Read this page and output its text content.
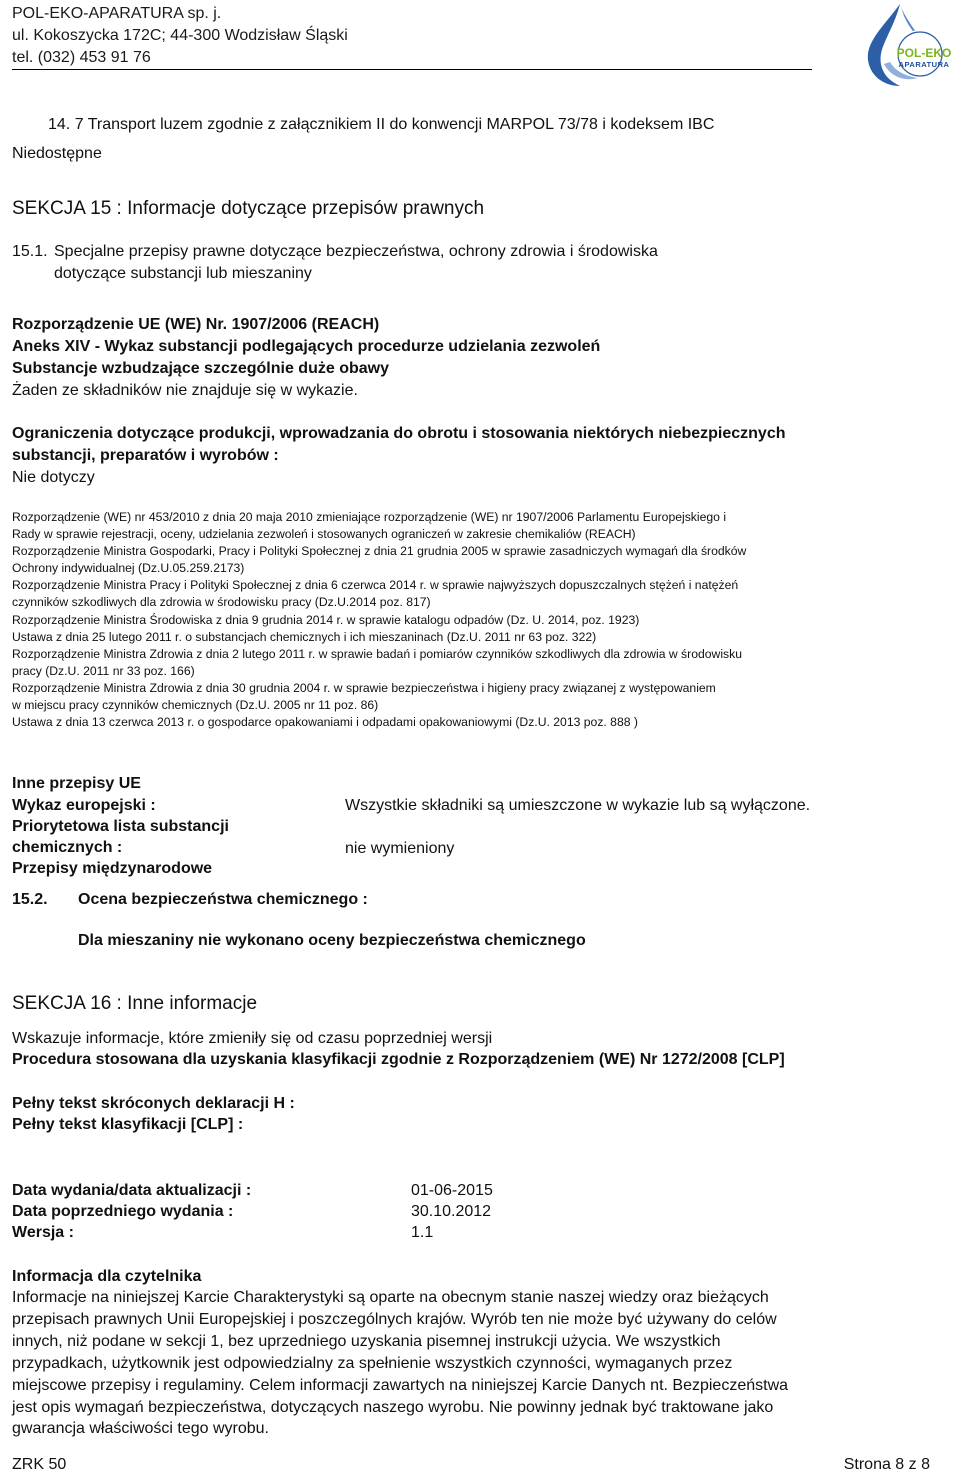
POL-EKO-APARATURA sp. j.
ul. Kokoszycka 172C; 44-300 Wodzisław Śląski
tel. (032) 453 91 76	POL-EKO
APARATURA
14. 7 Transport luzem zgodnie z załącznikiem II do konwencji MARPOL 73/78 i kodeksem IBC
Niedostępne
SEKCJA 15 : Informacje dotyczące przepisów prawnych
15.1. Specjalne przepisy prawne dotyczące bezpieczeństwa, ochrony zdrowia i środowiska
dotyczące substancji lub mieszaniny
Rozporządzenie UE (WE) Nr. 1907/2006 (REACH)
Aneks XIV - Wykaz substancji podlegających procedurze udzielania zezwoleń
Substancje wzbudzające szczególnie duże obawy
Żaden ze składników nie znajduje się w wykazie.
Ograniczenia dotyczące produkcji, wprowadzania do obrotu i stosowania niektórych niebezpiecznych
substancji, preparatów i wyrobów :
Nie dotyczy
Rozporządzenie (WE) nr 453/2010 z dnia 20 maja 2010 zmieniające rozporządzenie (WE) nr 1907/2006 Parlamentu Europejskiego i
Rady w sprawie rejestracji, oceny, udzielania zezwoleń i stosowanych ograniczeń w zakresie chemikaliów (REACH)
Rozporządzenie Ministra Gospodarki, Pracy i Polityki Społecznej z dnia 21 grudnia 2005 w sprawie zasadniczych wymagań dla środków
Ochrony indywidualnej (Dz.U.05.259.2173)
Rozporządzenie Ministra Pracy i Polityki Społecznej z dnia 6 czerwca 2014 r. w sprawie najwyższych dopuszczalnych stężeń i natężeń
czynników szkodliwych dla zdrowia w środowisku pracy (Dz.U.2014 poz. 817)
Rozporządzenie Ministra Środowiska z dnia 9 grudnia 2014 r. w sprawie katalogu odpadów (Dz. U. 2014, poz. 1923)
Ustawa z dnia 25 lutego 2011 r. o substancjach chemicznych i ich mieszaninach (Dz.U. 2011 nr 63 poz. 322)
Rozporządzenie Ministra Zdrowia z dnia 2 lutego 2011 r. w sprawie badań i pomiarów czynników szkodliwych dla zdrowia w środowisku
pracy (Dz.U. 2011 nr 33 poz. 166)
Rozporządzenie Ministra Zdrowia z dnia 30 grudnia 2004 r. w sprawie bezpieczeństwa i higieny pracy związanej z występowaniem
w miejscu pracy czynników chemicznych (Dz.U. 2005 nr 11 poz. 86)
Ustawa z dnia 13 czerwca 2013 r. o gospodarce opakowaniami i odpadami opakowaniowymi (Dz.U. 2013 poz. 888 )
Inne przepisy UE
Wykaz europejski :	Wszystkie składniki są umieszczone w wykazie lub są wyłączone.
Priorytetowa lista substancji
chemicznych :	nie wymieniony
Przepisy międzynarodowe
15.2. Ocena bezpieczeństwa chemicznego :
Dla mieszaniny nie wykonano oceny bezpieczeństwa chemicznego
SEKCJA 16 : Inne informacje
Wskazuje informacje, które zmieniły się od czasu poprzedniej wersji
Procedura stosowana dla uzyskania klasyfikacji zgodnie z Rozporządzeniem (WE) Nr 1272/2008 [CLP]
Pełny tekst skróconych deklaracji H :
Pełny tekst klasyfikacji [CLP] :
Data wydania/data aktualizacji :	01-06-2015
Data poprzedniego wydania :	30.10.2012
Wersja :	1.1
Informacja dla czytelnika
Informacje na niniejszej Karcie Charakterystyki są oparte na obecnym stanie naszej wiedzy oraz bieżących
przepisach prawnych Unii Europejskiej i poszczególnych krajów. Wyrób ten nie może być używany do celów
innych, niż podane w sekcji 1, bez uprzedniego uzyskania pisemnej instrukcji użycia. We wszystkich
przypadkach, użytkownik jest odpowiedzialny za spełnienie wszystkich czynności, wymaganych przez
miejscowe przepisy i regulaminy. Celem informacji zawartych na niniejszej Karcie Danych nt. Bezpieczeństwa
jest opis wymagań bezpieczeństwa, dotyczących naszego wyrobu. Nie powinny jednak być traktowane jako
gwarancja właściwości tego wyrobu.
ZRK 50	Strona 8 z 8
